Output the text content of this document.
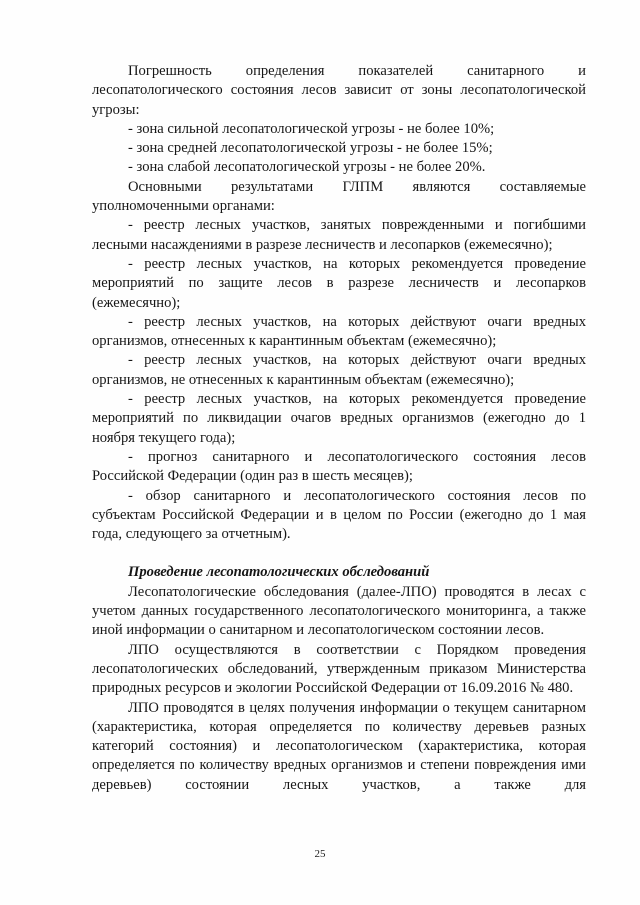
Погрешность определения показателей санитарного и лесопатологического состояния лесов зависит от зоны лесопатологической угрозы:

- зона сильной лесопатологической угрозы - не более 10%;

- зона средней лесопатологической угрозы - не более 15%;

- зона слабой лесопатологической угрозы - не более 20%.

Основными результатами ГЛПМ являются составляемые уполномоченными органами:

- реестр лесных участков, занятых поврежденными и погибшими лесными насаждениями в разрезе лесничеств и лесопарков (ежемесячно);

- реестр лесных участков, на которых рекомендуется проведение мероприятий по защите лесов в разрезе лесничеств и лесопарков (ежемесячно);

- реестр лесных участков, на которых действуют очаги вредных организмов, отнесенных к карантинным объектам (ежемесячно);

- реестр лесных участков, на которых действуют очаги вредных организмов, не отнесенных к карантинным объектам (ежемесячно);

- реестр лесных участков, на которых рекомендуется проведение мероприятий по ликвидации очагов вредных организмов (ежегодно до 1 ноября текущего года);

- прогноз санитарного и лесопатологического состояния лесов Российской Федерации (один раз в шесть месяцев);

- обзор санитарного и лесопатологического состояния лесов по субъектам Российской Федерации и в целом по России (ежегодно до 1 мая года, следующего за отчетным).

Проведение лесопатологических обследований

Лесопатологические обследования (далее-ЛПО) проводятся в лесах с учетом данных государственного лесопатологического мониторинга, а также иной информации о санитарном и лесопатологическом состоянии лесов.

ЛПО осуществляются в соответствии с Порядком проведения лесопатологических обследований, утвержденным приказом Министерства природных ресурсов и экологии Российской Федерации от 16.09.2016 № 480.

ЛПО проводятся в целях получения информации о текущем санитарном (характеристика, которая определяется по количеству деревьев разных категорий состояния) и лесопатологическом (характеристика, которая определяется по количеству вредных организмов и степени повреждения ими деревьев) состоянии лесных участков, а также для

25
